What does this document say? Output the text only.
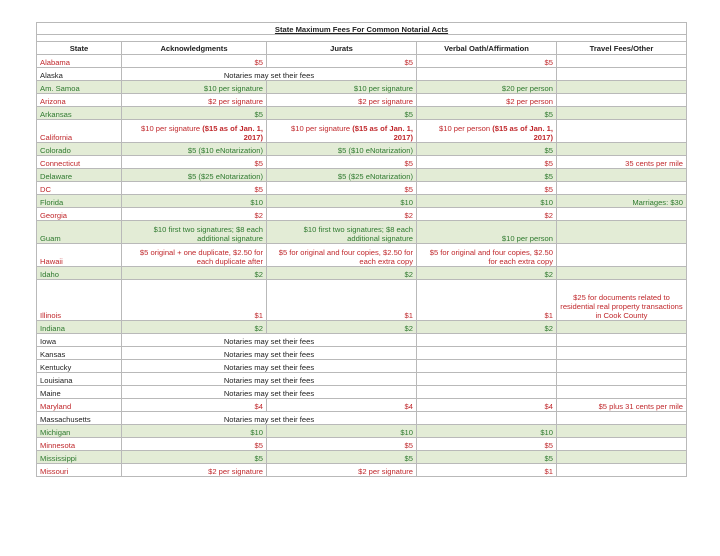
State Maximum Fees For Common Notarial Acts				

State	Acknowledgments	Jurats	Verbal Oath/Affirmation	Travel Fees/Other
Alabama	$5	$5	$5	
Alaska	Notaries may set their fees			
Am. Samoa	$10 per signature	$10 per signature	$20 per person	
Arizona	$2 per signature	$2 per signature	$2 per person	
Arkansas	$5	$5	$5	
California	$10 per signature ($15 as of Jan. 1, 2017)	$10 per signature ($15 as of Jan. 1, 2017)	$10 per person ($15 as of Jan. 1, 2017)	
Colorado	$5 ($10 eNotarization)	$5 ($10 eNotarization)	$5	
Connecticut	$5	$5	$5	35 cents per mile
Delaware	$5 ($25 eNotarization)	$5 ($25 eNotarization)	$5	
DC	$5	$5	$5	
Florida	$10	$10	$10	Marriages: $30
Georgia	$2	$2	$2	
Guam	$10 first two signatures; $8 each additional signature	$10 first two signatures; $8 each additional signature	$10 per person	
Hawaii	$5 original + one duplicate, $2.50 for each duplicate after	$5 for original and four copies, $2.50 for each extra copy	$5 for original and four copies, $2.50 for each extra copy	
Idaho	$2	$2	$2	
Illinois	$1	$1	$1	$25 for documents related to residential real property transactions in Cook County
Indiana	$2	$2	$2	
Iowa	Notaries may set their fees			
Kansas	Notaries may set their fees			
Kentucky	Notaries may set their fees			
Louisiana	Notaries may set their fees			
Maine	Notaries may set their fees			
Maryland	$4	$4	$4	$5 plus 31 cents per mile
Massachusetts	Notaries may set their fees			
Michigan	$10	$10	$10	
Minnesota	$5	$5	$5	
Mississippi	$5	$5	$5	
Missouri	$2 per signature	$2 per signature	$1	
